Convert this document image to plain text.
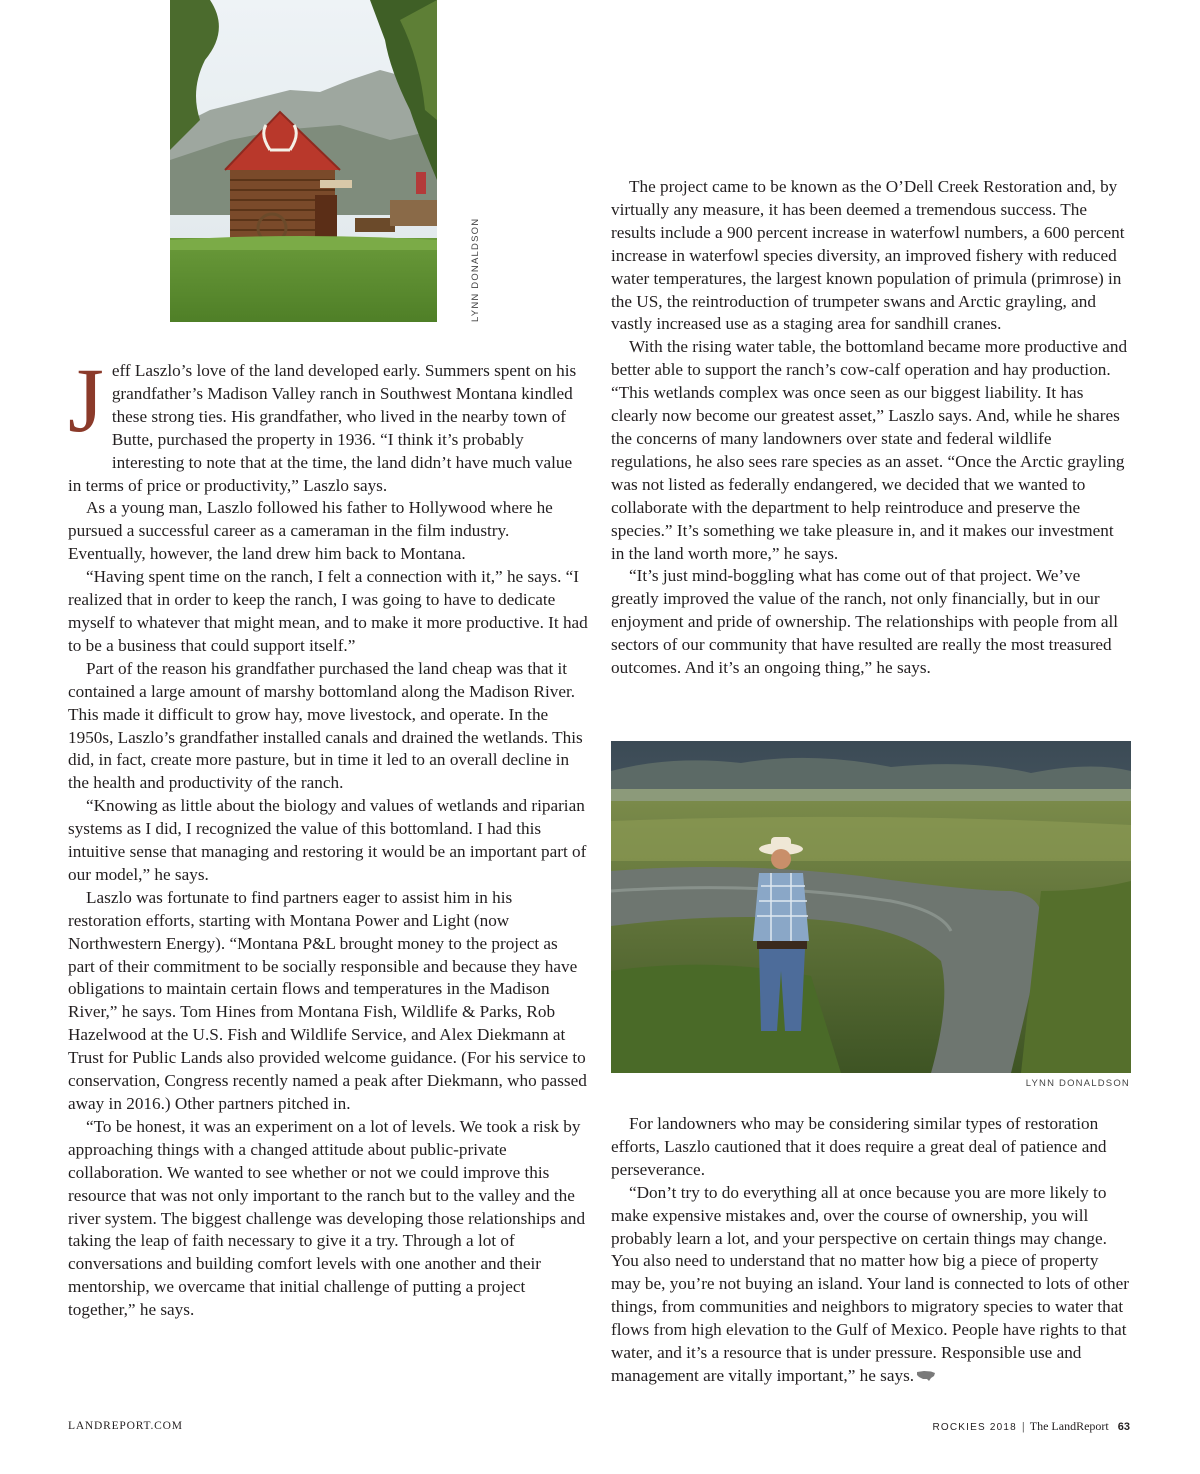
LYNN DONALDSON

Jeff Laszlo’s love of the land developed early. Summers spent on his grandfather’s Madison Valley ranch in Southwest Montana kindled these strong ties. His grandfather, who lived in the nearby town of Butte, purchased the property in 1936. “I think it’s probably interesting to note that at the time, the land didn’t have much value in terms of price or productivity,” Laszlo says.

As a young man, Laszlo followed his father to Hollywood where he pursued a successful career as a cameraman in the film industry. Eventually, however, the land drew him back to Montana.

“Having spent time on the ranch, I felt a connection with it,” he says. “I realized that in order to keep the ranch, I was going to have to dedicate myself to whatever that might mean, and to make it more productive. It had to be a business that could support itself.”

Part of the reason his grandfather purchased the land cheap was that it contained a large amount of marshy bottomland along the Madison River. This made it difficult to grow hay, move livestock, and operate. In the 1950s, Laszlo’s grandfather installed canals and drained the wetlands. This did, in fact, create more pasture, but in time it led to an overall decline in the health and productivity of the ranch.

“Knowing as little about the biology and values of wetlands and riparian systems as I did, I recognized the value of this bottomland. I had this intuitive sense that managing and restoring it would be an important part of our model,” he says.

Laszlo was fortunate to find partners eager to assist him in his restoration efforts, starting with Montana Power and Light (now Northwestern Energy). “Montana P&L brought money to the project as part of their commitment to be socially responsible and because they have obligations to maintain certain flows and temperatures in the Madison River,” he says. Tom Hines from Montana Fish, Wildlife & Parks, Rob Hazelwood at the U.S. Fish and Wildlife Service, and Alex Diekmann at Trust for Public Lands also provided welcome guidance. (For his service to conservation, Congress recently named a peak after Diekmann, who passed away in 2016.) Other partners pitched in.

“To be honest, it was an experiment on a lot of levels. We took a risk by approaching things with a changed attitude about public-private collaboration. We wanted to see whether or not we could improve this resource that was not only important to the ranch but to the valley and the river system. The biggest challenge was developing those relationships and taking the leap of faith necessary to give it a try. Through a lot of conversations and building comfort levels with one another and their mentorship, we overcame that initial challenge of putting a project together,” he says.

The project came to be known as the O’Dell Creek Restoration and, by virtually any measure, it has been deemed a tremendous success. The results include a 900 percent increase in waterfowl numbers, a 600 percent increase in waterfowl species diversity, an improved fishery with reduced water temperatures, the largest known population of primula (primrose) in the US, the reintroduction of trumpeter swans and Arctic grayling, and vastly increased use as a staging area for sandhill cranes.

With the rising water table, the bottomland became more productive and better able to support the ranch’s cow-calf operation and hay production. “This wetlands complex was once seen as our biggest liability. It has clearly now become our greatest asset,” Laszlo says. And, while he shares the concerns of many landowners over state and federal wildlife regulations, he also sees rare species as an asset. “Once the Arctic grayling was not listed as federally endangered, we decided that we wanted to collaborate with the department to help reintroduce and preserve the species.” It’s something we take pleasure in, and it makes our investment in the land worth more,” he says.

“It’s just mind-boggling what has come out of that project. We’ve greatly improved the value of the ranch, not only financially, but in our enjoyment and pride of ownership. The relationships with people from all sectors of our community that have resulted are really the most treasured outcomes. And it’s an ongoing thing,” he says.

LYNN DONALDSON

For landowners who may be considering similar types of restoration efforts, Laszlo cautioned that it does require a great deal of patience and perseverance.

“Don’t try to do everything all at once because you are more likely to make expensive mistakes and, over the course of ownership, you will probably learn a lot, and your perspective on certain things may change. You also need to understand that no matter how big a piece of property may be, you’re not buying an island. Your land is connected to lots of other things, from communities and neighbors to migratory species to water that flows from high elevation to the Gulf of Mexico. People have rights to that water, and it’s a resource that is under pressure. Responsible use and management are vitally important,” he says.

LANDREPORT.COM	ROCKIES 2018 | The LandReport 63
